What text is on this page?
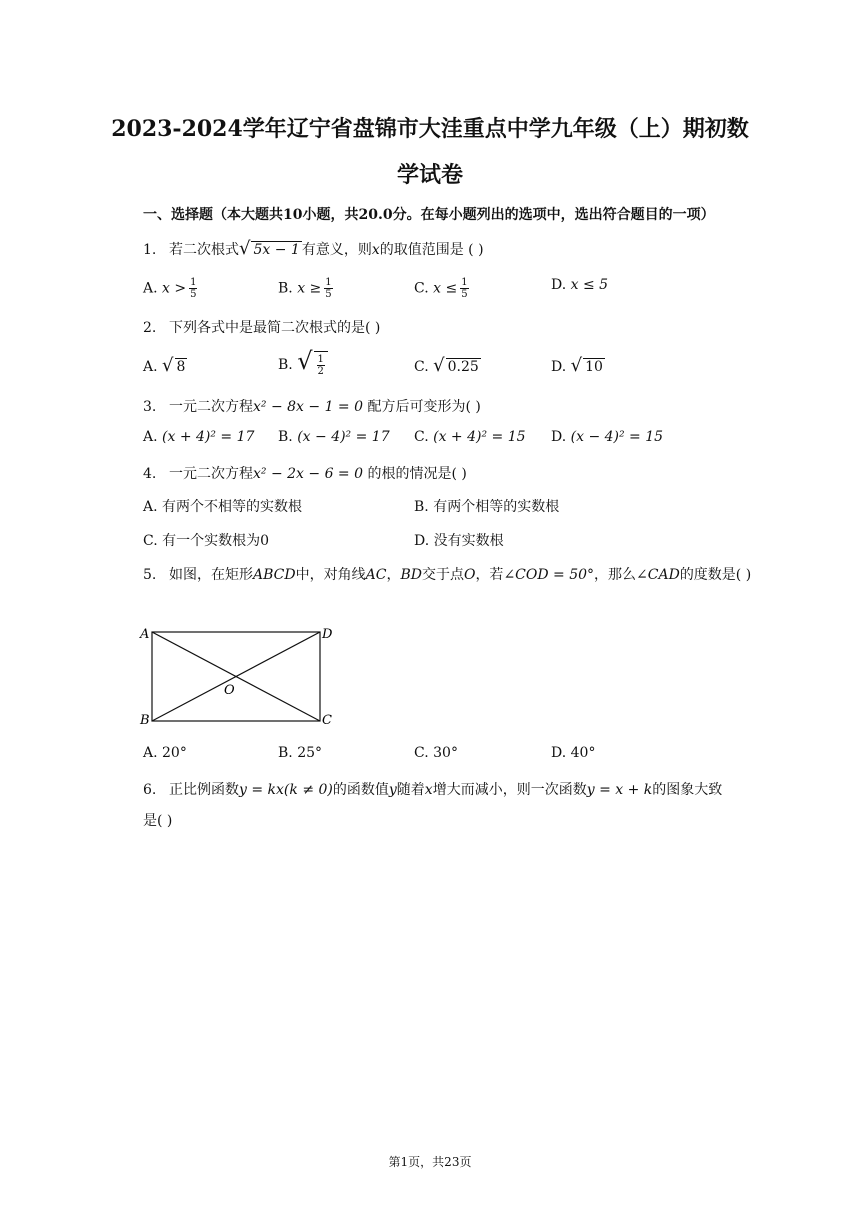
2023-2024学年辽宁省盘锦市大洼重点中学九年级（上）期初数
学试卷
一、选择题（本大题共10小题，共20.0分。在每小题列出的选项中，选出符合题目的一项）
1. 若二次根式√ 5x − 1 有意义，则x的取值范围是 ( )
A. $x > \frac{1}{5}$	B. $x \ge \frac{1}{5}$	C. $x \le \frac{1}{5}$	D. x ≤ 5
2. 下列各式中是最简二次根式的是( )
A. √ 8	B. √ $\frac{1}{2}$	C. √ 0.25	D. √ 10
3. 一元二次方程x² − 8x − 1 = 0 配方后可变形为( )
A. (x + 4)² = 17 B. (x − 4)² = 17 C. (x + 4)² = 15 D. (x − 4)² = 15
4. 一元二次方程x² − 2x − 6 = 0 的根的情况是( )
A. 有两个不相等的实数根	B. 有两个相等的实数根
C. 有一个实数根为0	D. 没有实数根
5. 如图，在矩形ABCD中，对角线AC，BD交于点O，若∠COD = 50°，那么∠CAD的度数是( )
A	D
B	C
O
A. 20°	B. 25°	C. 30°	D. 40°
6. 正比例函数y = kx(k ≠ 0)的函数值y随着x增大而减小，则一次函数y = x + k的图象大致
是( )
第1页，共23页
